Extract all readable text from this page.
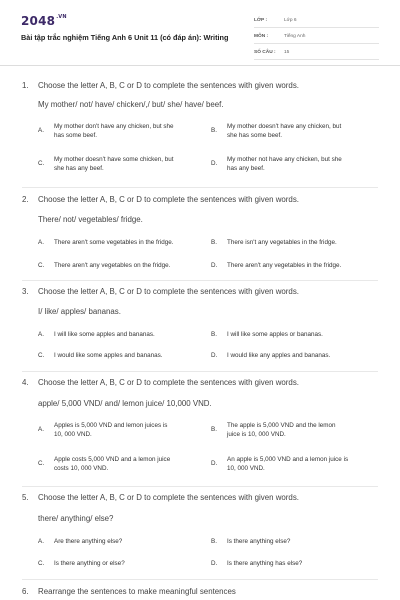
$2048^{.VN}$
Bài tập trắc nghiệm Tiếng Anh 6 Unit 11 (có đáp án): Writing
LỚP :	Lớp 6
MÔN :	Tiếng Anh
SỐ CÂU :	15
1. Choose the letter A, B, C or D to complete the sentences with given words.
My mother/ not/ have/ chicken/,/ but/ she/ have/ beef.
A.
My mother don't have any chicken, but she
has some beef.
B.
My mother doesn't have any chicken, but
she has some beef.
C.
My mother doesn't have some chicken, but
she has any beef.
D.
My mother not have any chicken, but she
has any beef.
2. Choose the letter A, B, C or D to complete the sentences with given words.
There/ not/ vegetables/ fridge.
A. There aren't some vegetables in the fridge.	B. There isn't any vegetables in the fridge.
C. There aren't any vegetables on the fridge.	D. There aren't any vegetables in the fridge.
3. Choose the letter A, B, C or D to complete the sentences with given words.
I/ like/ apples/ bananas.
A. I will like some apples and bananas.	B. I will like some apples or bananas.
C. I would like some apples and bananas.	D. I would like any apples and bananas.
4. Choose the letter A, B, C or D to complete the sentences with given words.
apple/ 5,000 VND/ and/ lemon juice/ 10,000 VND.
A.
Apples is 5,000 VND and lemon juices is
10, 000 VND.
B.
The apple is 5,000 VND and the lemon
juice is 10, 000 VND.
C.
Apple costs 5,000 VND and a lemon juice
costs 10, 000 VND.
D.
An apple is 5,000 VND and a lemon juice is
10, 000 VND.
5. Choose the letter A, B, C or D to complete the sentences with given words.
there/ anything/ else?
A. Are there anything else?	B. Is there anything else?
C. Is there anything or else?	D. Is there anything has else?
6. Rearrange the sentences to make meaningful sentences
